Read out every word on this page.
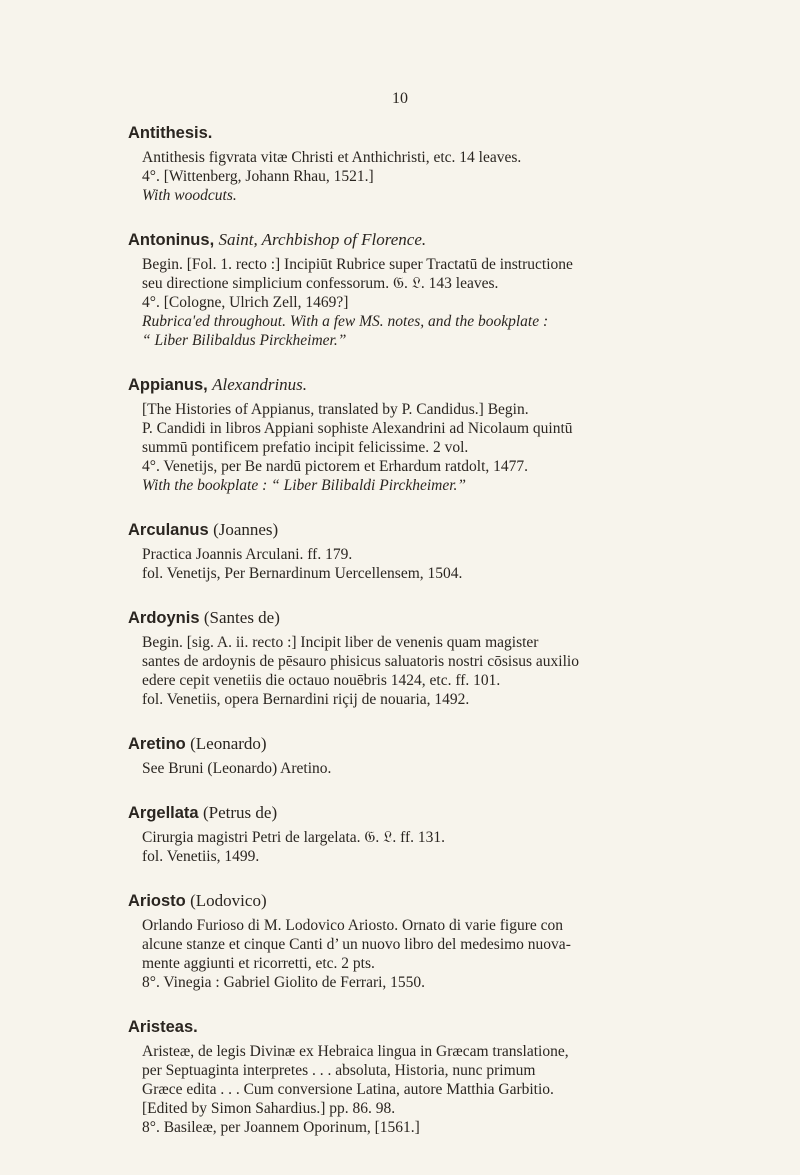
10
Antithesis.
Antithesis figvrata vitæ Christi et Anthichristi, etc. 14 leaves.
4°. [Wittenberg, Johann Rhau, 1521.]
With woodcuts.
Antoninus, Saint, Archbishop of Florence.
Begin. [Fol. 1. recto :] Incipiūt Rubrice super Tractatū de instructione
seu directione simplicium confessorum. 𝔊. 𝔏. 143 leaves.
4°. [Cologne, Ulrich Zell, 1469?]
Rubrica'ed throughout. With a few MS. notes, and the bookplate :
“ Liber Bilibaldus Pirckheimer.”
Appianus, Alexandrinus.
[The Histories of Appianus, translated by P. Candidus.] Begin.
P. Candidi in libros Appiani sophiste Alexandrini ad Nicolaum quintū
summū pontificem prefatio incipit felicissime. 2 vol.
4°. Venetijs, per Be nardū pictorem et Erhardum ratdolt, 1477.
With the bookplate : “ Liber Bilibaldi Pirckheimer.”
Arculanus (Joannes)
Practica Joannis Arculani. ff. 179.
fol. Venetijs, Per Bernardinum Uercellensem, 1504.
Ardoynis (Santes de)
Begin. [sig. A. ii. recto :] Incipit liber de venenis quam magister
santes de ardoynis de pēsauro phisicus saluatoris nostri cōsisus auxilio
edere cepit venetiis die octauo nouēbris 1424, etc. ff. 101.
fol. Venetiis, opera Bernardini riçij de nouaria, 1492.
Aretino (Leonardo)
See Bruni (Leonardo) Aretino.
Argellata (Petrus de)
Cirurgia magistri Petri de largelata. 𝔊. 𝔏. ff. 131.
fol. Venetiis, 1499.
Ariosto (Lodovico)
Orlando Furioso di M. Lodovico Ariosto. Ornato di varie figure con
alcune stanze et cinque Canti d’ un nuovo libro del medesimo nuova-
mente aggiunti et ricorretti, etc. 2 pts.
8°. Vinegia : Gabriel Giolito de Ferrari, 1550.
Aristeas.
Aristeæ, de legis Divinæ ex Hebraica lingua in Græcam translatione,
per Septuaginta interpretes . . . absoluta, Historia, nunc primum
Græce edita . . . Cum conversione Latina, autore Matthia Garbitio.
[Edited by Simon Sahardius.] pp. 86. 98.
8°. Basileæ, per Joannem Oporinum, [1561.]
